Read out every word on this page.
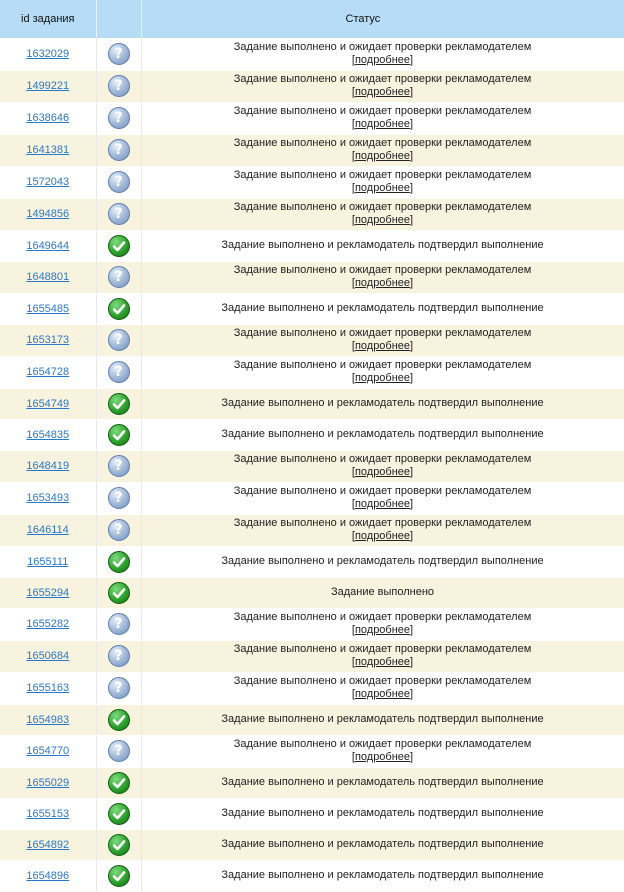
id задания		Статус
1632029	?	Задание выполнено и ожидает проверки рекламодателем
[подробнее]

1499221	?	Задание выполнено и ожидает проверки рекламодателем
[подробнее]

1638646	?	Задание выполнено и ожидает проверки рекламодателем
[подробнее]

1641381	?	Задание выполнено и ожидает проверки рекламодателем
[подробнее]

1572043	?	Задание выполнено и ожидает проверки рекламодателем
[подробнее]

1494856	?	Задание выполнено и ожидает проверки рекламодателем
[подробнее]

1649644		Задание выполнено и рекламодатель подтвердил выполнение

1648801	?	Задание выполнено и ожидает проверки рекламодателем
[подробнее]

1655485		Задание выполнено и рекламодатель подтвердил выполнение

1653173	?	Задание выполнено и ожидает проверки рекламодателем
[подробнее]

1654728	?	Задание выполнено и ожидает проверки рекламодателем
[подробнее]

1654749		Задание выполнено и рекламодатель подтвердил выполнение

1654835		Задание выполнено и рекламодатель подтвердил выполнение

1648419	?	Задание выполнено и ожидает проверки рекламодателем
[подробнее]

1653493	?	Задание выполнено и ожидает проверки рекламодателем
[подробнее]

1646114	?	Задание выполнено и ожидает проверки рекламодателем
[подробнее]

1655111		Задание выполнено и рекламодатель подтвердил выполнение

1655294		Задание выполнено

1655282	?	Задание выполнено и ожидает проверки рекламодателем
[подробнее]

1650684	?	Задание выполнено и ожидает проверки рекламодателем
[подробнее]

1655163	?	Задание выполнено и ожидает проверки рекламодателем
[подробнее]

1654983		Задание выполнено и рекламодатель подтвердил выполнение

1654770	?	Задание выполнено и ожидает проверки рекламодателем
[подробнее]

1655029		Задание выполнено и рекламодатель подтвердил выполнение

1655153		Задание выполнено и рекламодатель подтвердил выполнение

1654892		Задание выполнено и рекламодатель подтвердил выполнение

1654896		Задание выполнено и рекламодатель подтвердил выполнение
